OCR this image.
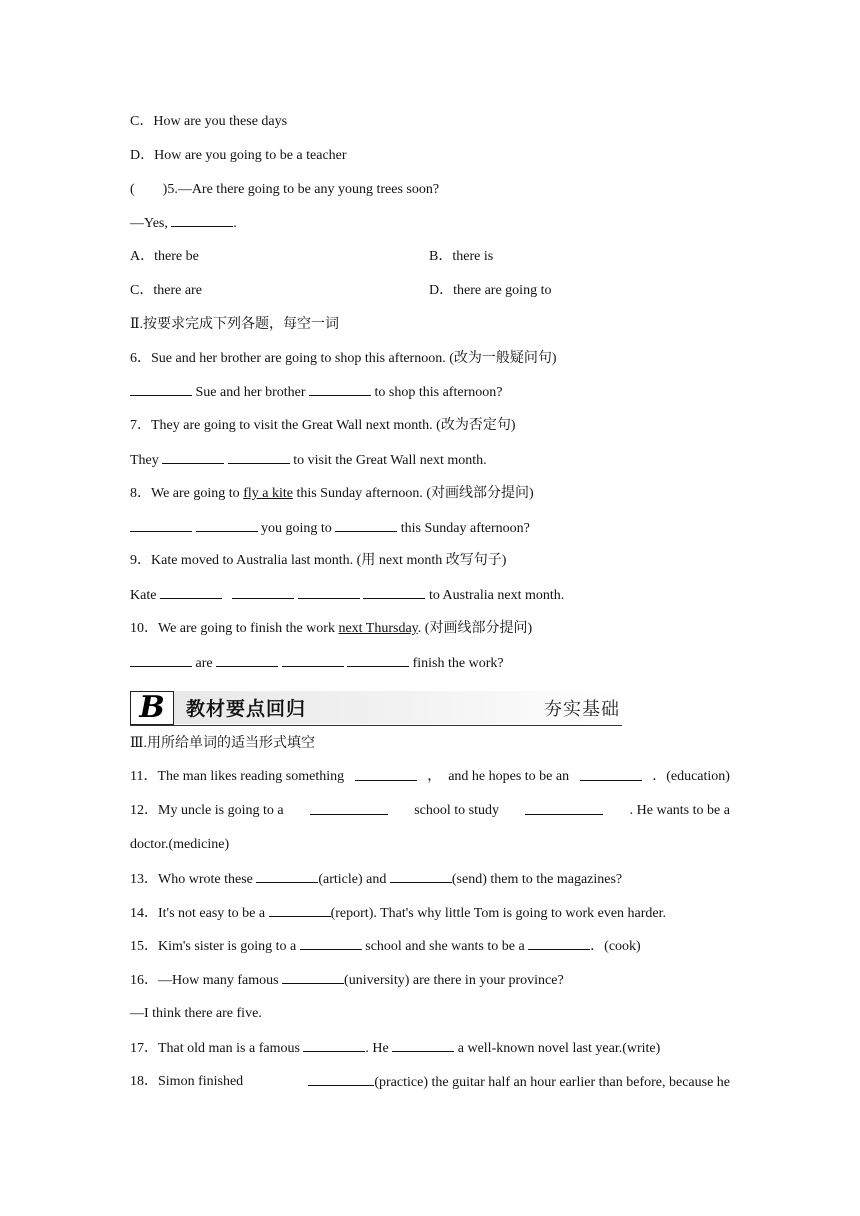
C．How are you these days
D．How are you going to be a teacher
(　　)5.—Are there going to be any young trees soon?
—Yes,	.
A．there be	B．there is
C．there are	D．there are going to
Ⅱ.按要求完成下列各题，每空一词
6．Sue and her brother are going to shop this afternoon. (改为一般疑问句)
Sue and her brother	to shop this afternoon?
7．They are going to visit the Great Wall next month. (改为否定句)
They	to visit the Great Wall next month.
8．We are going to fly a kite this Sunday afternoon. (对画线部分提问)
you going to	this Sunday afternoon?
9．Kate moved to Australia last month. (用 next month 改写句子)
Kate	to Australia next month.
10．We are going to finish the work next Thursday. (对画线部分提问)
are	finish the work?
B	教材要点回归	夯实基础
Ⅲ.用所给单词的适当形式填空
11．The man likes reading something	，　and he hopes to be an	．(education)
12．My uncle is going to a	school to study	. He wants to be a
doctor.(medicine)
13．Who wrote these	(article) and	(send) them to the magazines?
14．It's not easy to be a	(report). That's why little Tom is going to work even harder.
15．Kim's sister is going to a	school and she wants to be a	．(cook)
16．—How many famous	(university) are there in your province?
—I think there are five.
17．That old man is a famous	. He	a well-known novel last year.(write)
18．Simon finished	(practice) the guitar half an hour earlier than before, because he
